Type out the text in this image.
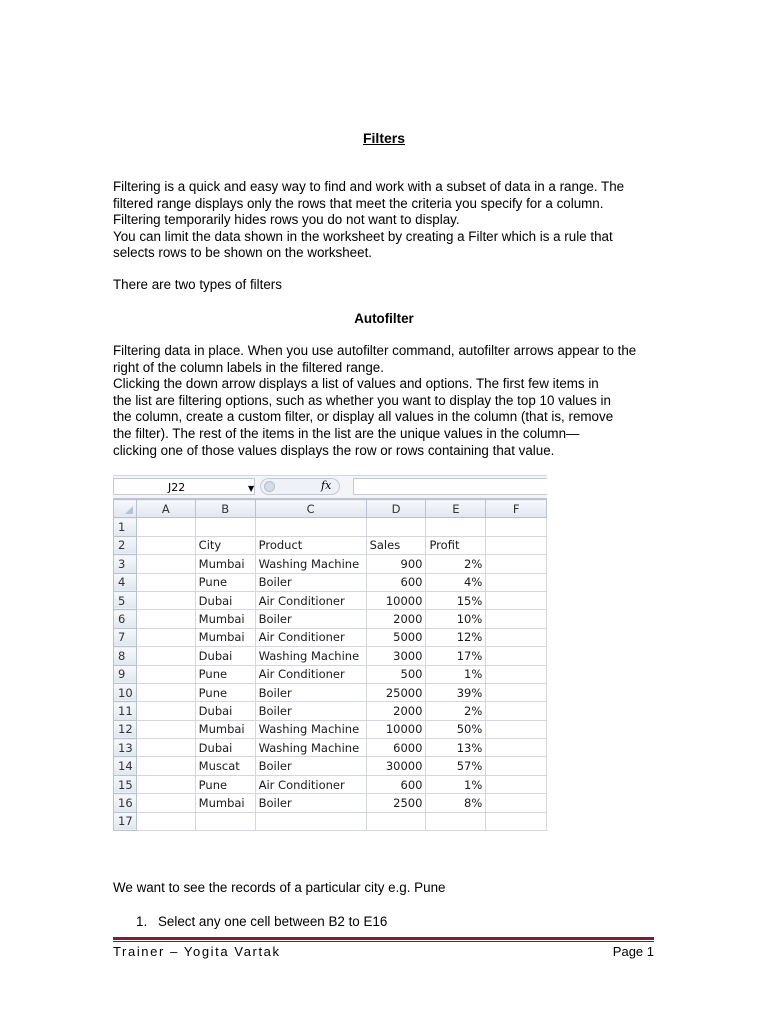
Filters
Filtering is a quick and easy way to find and work with a subset of data in a range. The
filtered range displays only the rows that meet the criteria you specify for a column.
Filtering temporarily hides rows you do not want to display.
You can limit the data shown in the worksheet by creating a Filter which is a rule that
selects rows to be shown on the worksheet.
There are two types of filters
Autofilter
Filtering data in place. When you use autofilter command, autofilter arrows appear to the
right of the column labels in the filtered range.
Clicking the down arrow displays a list of values and options. The first few items in
the list are filtering options, such as whether you want to display the top 10 values in
the column, create a custom filter, or display all values in the column (that is, remove
the filter). The rest of the items in the list are the unique values in the column—
clicking one of those values displays the row or rows containing that value.
J22	▼	fx
	A	B	C	D	E	F
1						
2		City	Product	Sales	Profit	
3		Mumbai	Washing Machine	900	2%	
4		Pune	Boiler	600	4%	
5		Dubai	Air Conditioner	10000	15%	
6		Mumbai	Boiler	2000	10%	
7		Mumbai	Air Conditioner	5000	12%	
8		Dubai	Washing Machine	3000	17%	
9		Pune	Air Conditioner	500	1%	
10		Pune	Boiler	25000	39%	
11		Dubai	Boiler	2000	2%	
12		Mumbai	Washing Machine	10000	50%	
13		Dubai	Washing Machine	6000	13%	
14		Muscat	Boiler	30000	57%	
15		Pune	Air Conditioner	600	1%	
16		Mumbai	Boiler	2500	8%	
17						
We want to see the records of a particular city e.g. Pune
1. Select any one cell between B2 to E16
Trainer – Yogita Vartak	Page 1
